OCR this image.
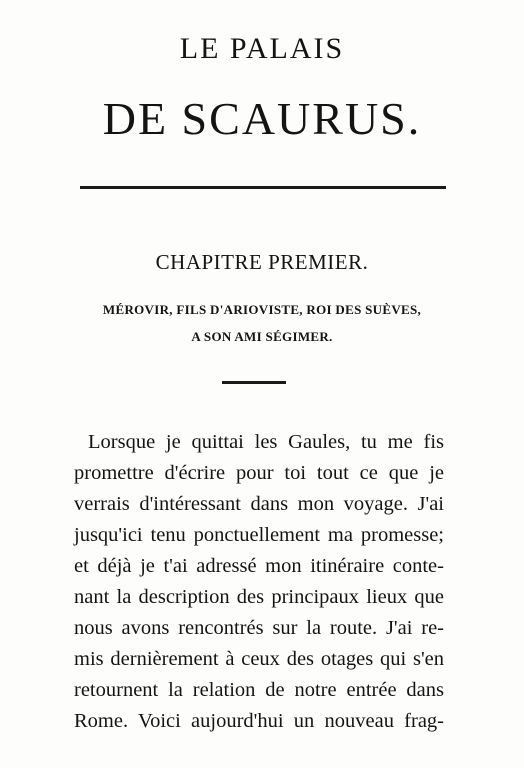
LE PALAIS
DE SCAURUS.
CHAPITRE PREMIER.
MÉROVIR, FILS D'ARIOVISTE, ROI DES SUÈVES,
A SON AMI SÉGIMER.
Lorsque je quittai les Gaules, tu me fis
promettre d'écrire pour toi tout ce que je
verrais d'intéressant dans mon voyage. J'ai
jusqu'ici tenu ponctuellement ma promesse;
et déjà je t'ai adressé mon itinéraire contе-
nant la description des principaux lieux que
nous avons rencontrés sur la route. J'ai re-
mis dernièrement à ceux des otages qui s'en
retournent la relation de notre entrée dans
Rome. Voici aujourd'hui un nouveau frag-
